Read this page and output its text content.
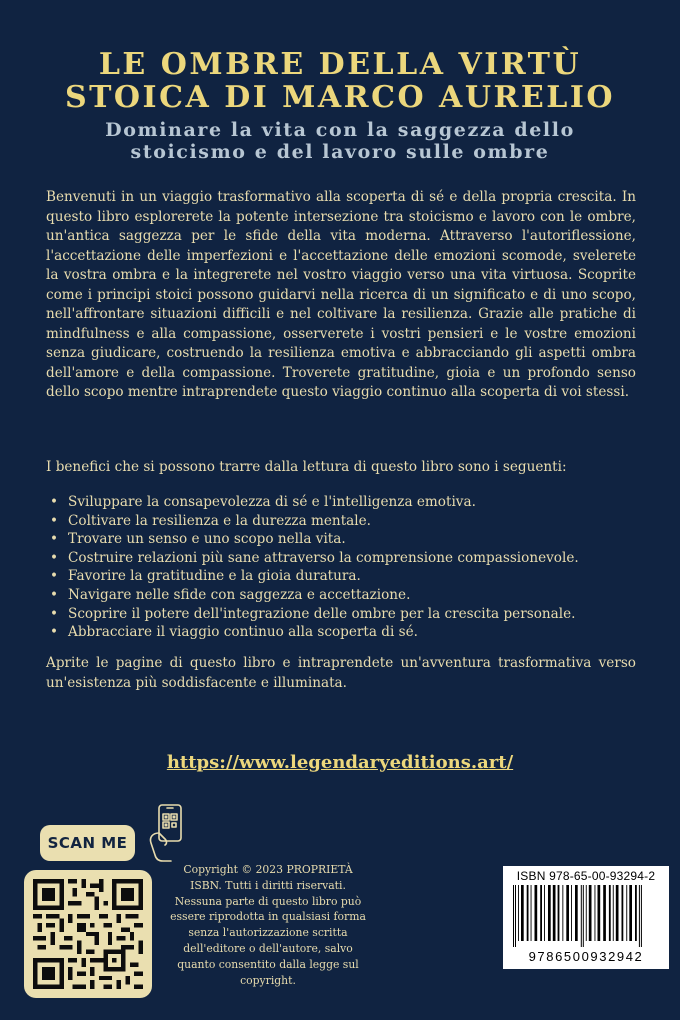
LE OMBRE DELLA VIRTÙ
STOICA DI MARCO AURELIO
Dominare la vita con la saggezza dello
stoicismo e del lavoro sulle ombre
Benvenuti in un viaggio trasformativo alla scoperta di sé e della propria crescita. In questo libro esplorerete la potente intersezione tra stoicismo e lavoro con le ombre, un'antica saggezza per le sfide della vita moderna. Attraverso l'autoriflessione, l'accettazione delle imperfezioni e l'accettazione delle emozioni scomode, svelerete la vostra ombra e la integrerete nel vostro viaggio verso una vita virtuosa. Scoprite come i principi stoici possono guidarvi nella ricerca di un significato e di uno scopo, nell'affrontare situazioni difficili e nel coltivare la resilienza. Grazie alle pratiche di mindfulness e alla compassione, osserverete i vostri pensieri e le vostre emozioni senza giudicare, costruendo la resilienza emotiva e abbracciando gli aspetti ombra dell'amore e della compassione. Troverete gratitudine, gioia e un profondo senso dello scopo mentre intraprendete questo viaggio continuo alla scoperta di voi stessi.
I benefici che si possono trarre dalla lettura di questo libro sono i seguenti:
• Sviluppare la consapevolezza di sé e l'intelligenza emotiva.
• Coltivare la resilienza e la durezza mentale.
• Trovare un senso e uno scopo nella vita.
• Costruire relazioni più sane attraverso la comprensione compassionevole.
• Favorire la gratitudine e la gioia duratura.
• Navigare nelle sfide con saggezza e accettazione.
• Scoprire il potere dell'integrazione delle ombre per la crescita personale.
• Abbracciare il viaggio continuo alla scoperta di sé.
Aprite le pagine di questo libro e intraprendete un'avventura trasformativa verso un'esistenza più soddisfacente e illuminata.
https://www.legendaryeditions.art/
SCAN ME
Copyright © 2023 PROPRIETÀ ISBN. Tutti i diritti riservati. Nessuna parte di questo libro può essere riprodotta in qualsiasi forma senza l'autorizzazione scritta dell'editore o dell'autore, salvo quanto consentito dalla legge sul copyright.
ISBN 978-65-00-93294-2
9786500932942
